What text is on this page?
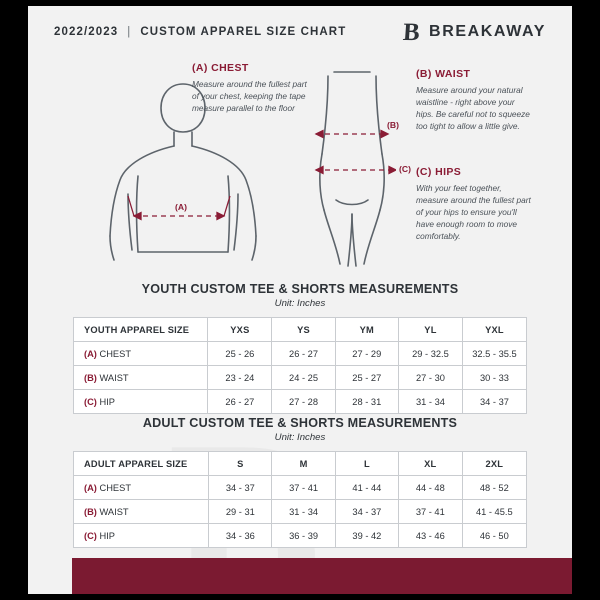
2022/2023 | CUSTOM APPAREL SIZE CHART B BREAKAWAY
(A)
(B)
(C)
(A) CHEST
Measure around the fullest part of your chest, keeping the tape measure parallel to the floor
(B) WAIST
Measure around your natural waistline - right above your hips. Be careful not to squeeze too tight to allow a little give.
(C) HIPS
With your feet together, measure around the fullest part of your hips to ensure you'll have enough room to move comfortably.
YOUTH CUSTOM TEE & SHORTS MEASUREMENTS
Unit: Inches
YOUTH APPAREL SIZE	YXS	YS	YM	YL	YXL
(A) CHEST	25 - 26	26 - 27	27 - 29	29 - 32.5	32.5 - 35.5
(B) WAIST	23 - 24	24 - 25	25 - 27	27 - 30	30 - 33
(C) HIP	26 - 27	27 - 28	28 - 31	31 - 34	34 - 37
ADULT CUSTOM TEE & SHORTS MEASUREMENTS
Unit: Inches
ADULT APPAREL SIZE	S	M	L	XL	2XL
(A) CHEST	34 - 37	37 - 41	41 - 44	44 - 48	48 - 52
(B) WAIST	29 - 31	31 - 34	34 - 37	37 - 41	41 - 45.5
(C) HIP	34 - 36	36 - 39	39 - 42	43 - 46	46 - 50
